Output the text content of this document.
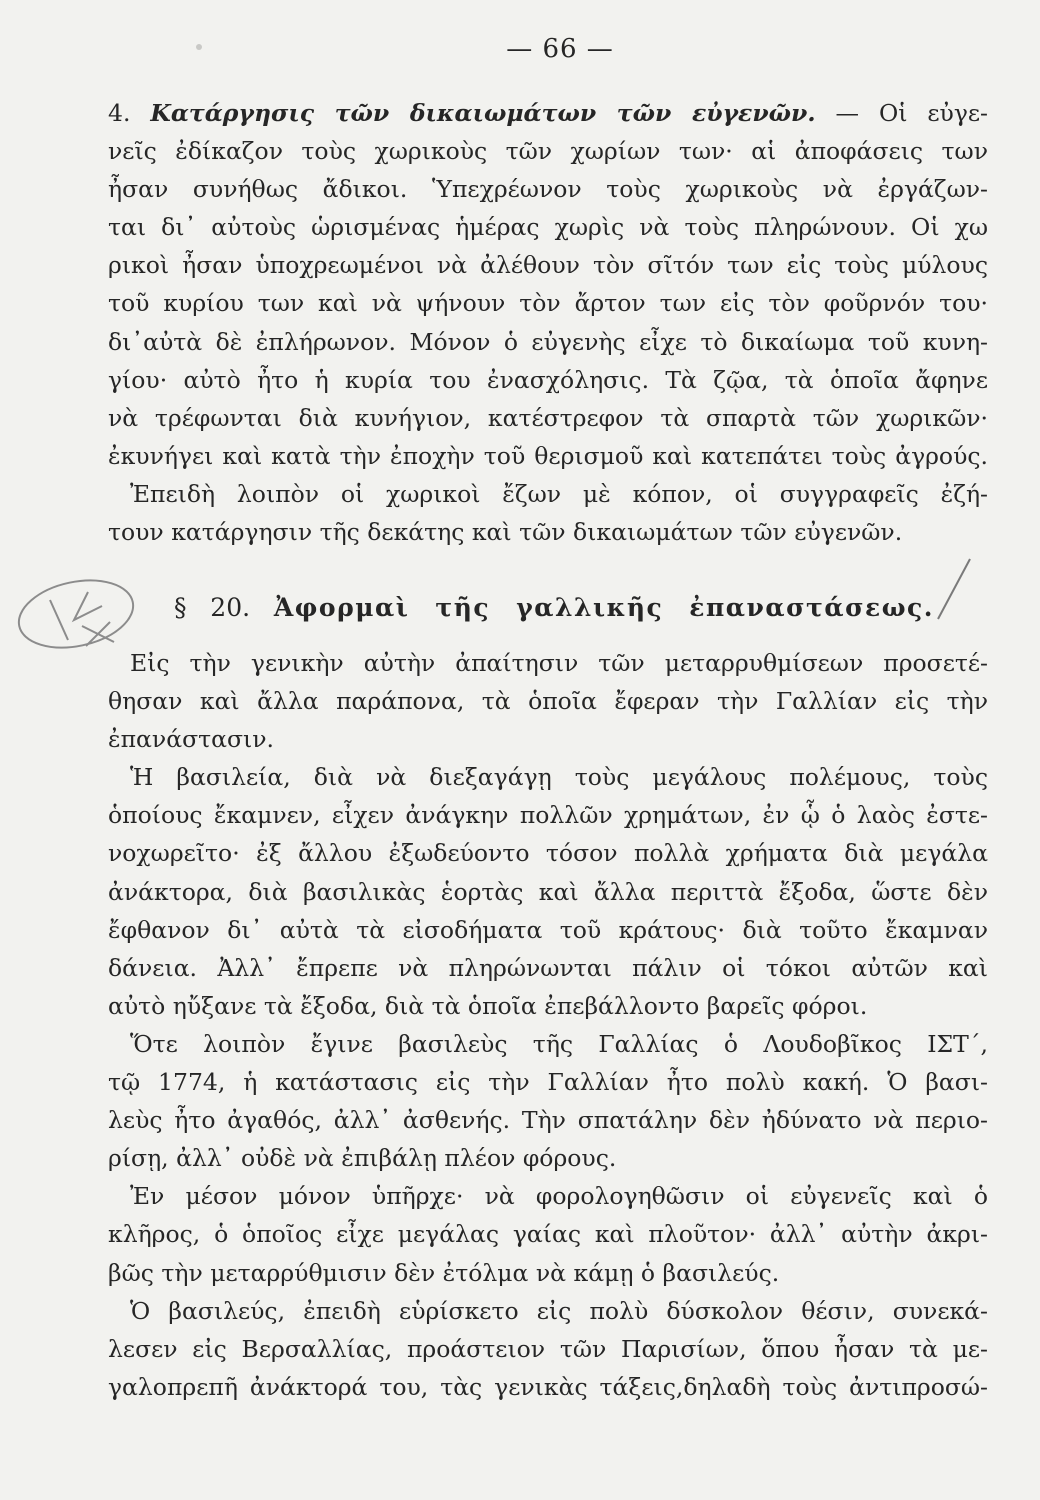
— 66 —
4. Κατάργησις τῶν δικαιωμάτων τῶν εὐγενῶν. — Οἱ εὐγε-
νεῖς ἐδίκαζον τοὺς χωρικοὺς τῶν χωρίων των· αἱ ἀποφάσεις των
ἦσαν συνήθως ἄδικοι. Ὑπεχρέωνον τοὺς χωρικοὺς νὰ ἐργάζων-
ται δι᾽ αὐτοὺς ὡρισμένας ἡμέρας χωρὶς νὰ τοὺς πληρώνουν. Οἱ χω
ρικοὶ ἦσαν ὑποχρεωμένοι νὰ ἀλέθουν τὸν σῖτόν των εἰς τοὺς μύλους
τοῦ κυρίου των καὶ νὰ ψήνουν τὸν ἄρτον των εἰς τὸν φοῦρνόν του·
δι᾽αὐτὰ δὲ ἐπλήρωνον. Μόνον ὁ εὐγενὴς εἶχε τὸ δικαίωμα τοῦ κυνη-
γίου· αὐτὸ ἦτο ἡ κυρία του ἐνασχόλησις. Τὰ ζῷα, τὰ ὁποῖα ἄφηνε
νὰ τρέφωνται διὰ κυνήγιον, κατέστρεφον τὰ σπαρτὰ τῶν χωρικῶν·
ἐκυνήγει καὶ κατὰ τὴν ἐποχὴν τοῦ θερισμοῦ καὶ κατεπάτει τοὺς ἀγρούς.
Ἐπειδὴ λοιπὸν οἱ χωρικοὶ ἔζων μὲ κόπον, οἱ συγγραφεῖς ἐζή-
τουν κατάργησιν τῆς δεκάτης καὶ τῶν δικαιωμάτων τῶν εὐγενῶν.
§ 20. Ἀφορμαὶ τῆς γαλλικῆς ἐπαναστάσεως.
Εἰς τὴν γενικὴν αὐτὴν ἀπαίτησιν τῶν μεταρρυθμίσεων προσετέ-
θησαν καὶ ἄλλα παράπονα, τὰ ὁποῖα ἔφεραν τὴν Γαλλίαν εἰς τὴν
ἐπανάστασιν.
Ἡ βασιλεία, διὰ νὰ διεξαγάγῃ τοὺς μεγάλους πολέμους, τοὺς
ὁποίους ἔκαμνεν, εἶχεν ἀνάγκην πολλῶν χρημάτων, ἐν ᾧ ὁ λαὸς ἐστε-
νοχωρεῖτο· ἐξ ἄλλου ἐξωδεύοντο τόσον πολλὰ χρήματα διὰ μεγάλα
ἀνάκτορα, διὰ βασιλικὰς ἑορτὰς καὶ ἄλλα περιττὰ ἔξοδα, ὥστε δὲν
ἔφθανον δι᾽ αὐτὰ τὰ εἰσοδήματα τοῦ κράτους· διὰ τοῦτο ἔκαμναν
δάνεια. Ἀλλ᾽ ἔπρεπε νὰ πληρώνωνται πάλιν οἱ τόκοι αὐτῶν καὶ
αὐτὸ ηὔξανε τὰ ἔξοδα, διὰ τὰ ὁποῖα ἐπεβάλλοντο βαρεῖς φόροι.
Ὅτε λοιπὸν ἔγινε βασιλεὺς τῆς Γαλλίας ὁ Λουδοβῖκος ΙΣΤ΄,
τῷ 1774, ἡ κατάστασις εἰς τὴν Γαλλίαν ἦτο πολὺ κακή. Ὁ βασι-
λεὺς ἦτο ἀγαθός, ἀλλ᾽ ἀσθενής. Τὴν σπατάλην δὲν ἠδύνατο νὰ περιο-
ρίσῃ, ἀλλ᾽ οὐδὲ νὰ ἐπιβάλῃ πλέον φόρους.
Ἐν μέσον μόνον ὑπῆρχε· νὰ φορολογηθῶσιν οἱ εὐγενεῖς καὶ ὁ
κλῆρος, ὁ ὁποῖος εἶχε μεγάλας γαίας καὶ πλοῦτον· ἀλλ᾽ αὐτὴν ἀκρι-
βῶς τὴν μεταρρύθμισιν δὲν ἐτόλμα νὰ κάμῃ ὁ βασιλεύς.
Ὁ βασιλεύς, ἐπειδὴ εὑρίσκετο εἰς πολὺ δύσκολον θέσιν, συνεκά-
λεσεν εἰς Βερσαλλίας, προάστειον τῶν Παρισίων, ὅπου ἦσαν τὰ με-
γαλοπρεπῆ ἀνάκτορά του, τὰς γενικὰς τάξεις,δηλαδὴ τοὺς ἀντιπροσώ-
